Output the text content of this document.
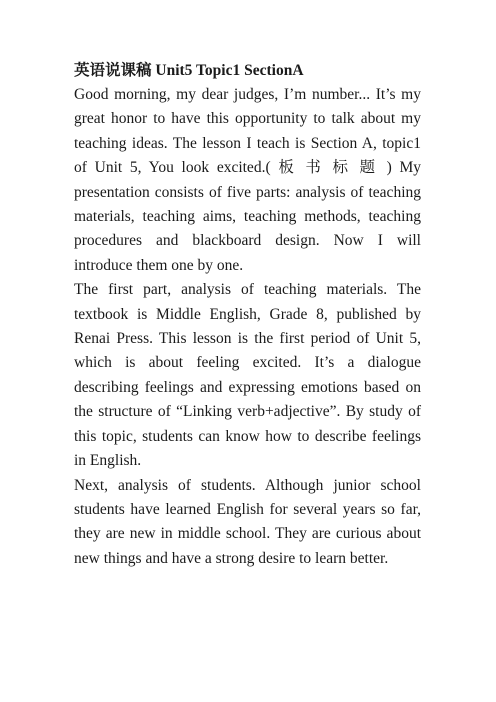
英语说课稿 Unit5 Topic1 SectionA

Good morning, my dear judges, I’m number... It’s my great honor to have this opportunity to talk about my teaching ideas. The lesson I teach is Section A, topic1 of Unit 5, You look excited.( 板 书 标 题 ) My presentation consists of five parts: analysis of teaching materials, teaching aims, teaching methods, teaching procedures and blackboard design. Now I will introduce them one by one.

The first part, analysis of teaching materials. The textbook is Middle English, Grade 8, published by Renai Press. This lesson is the first period of Unit 5, which is about feeling excited. It’s a dialogue describing feelings and expressing emotions based on the structure of “Linking verb+adjective”. By study of this topic, students can know how to describe feelings in English.

Next, analysis of students. Although junior school students have learned English for several years so far, they are new in middle school. They are curious about new things and have a strong desire to learn better.
